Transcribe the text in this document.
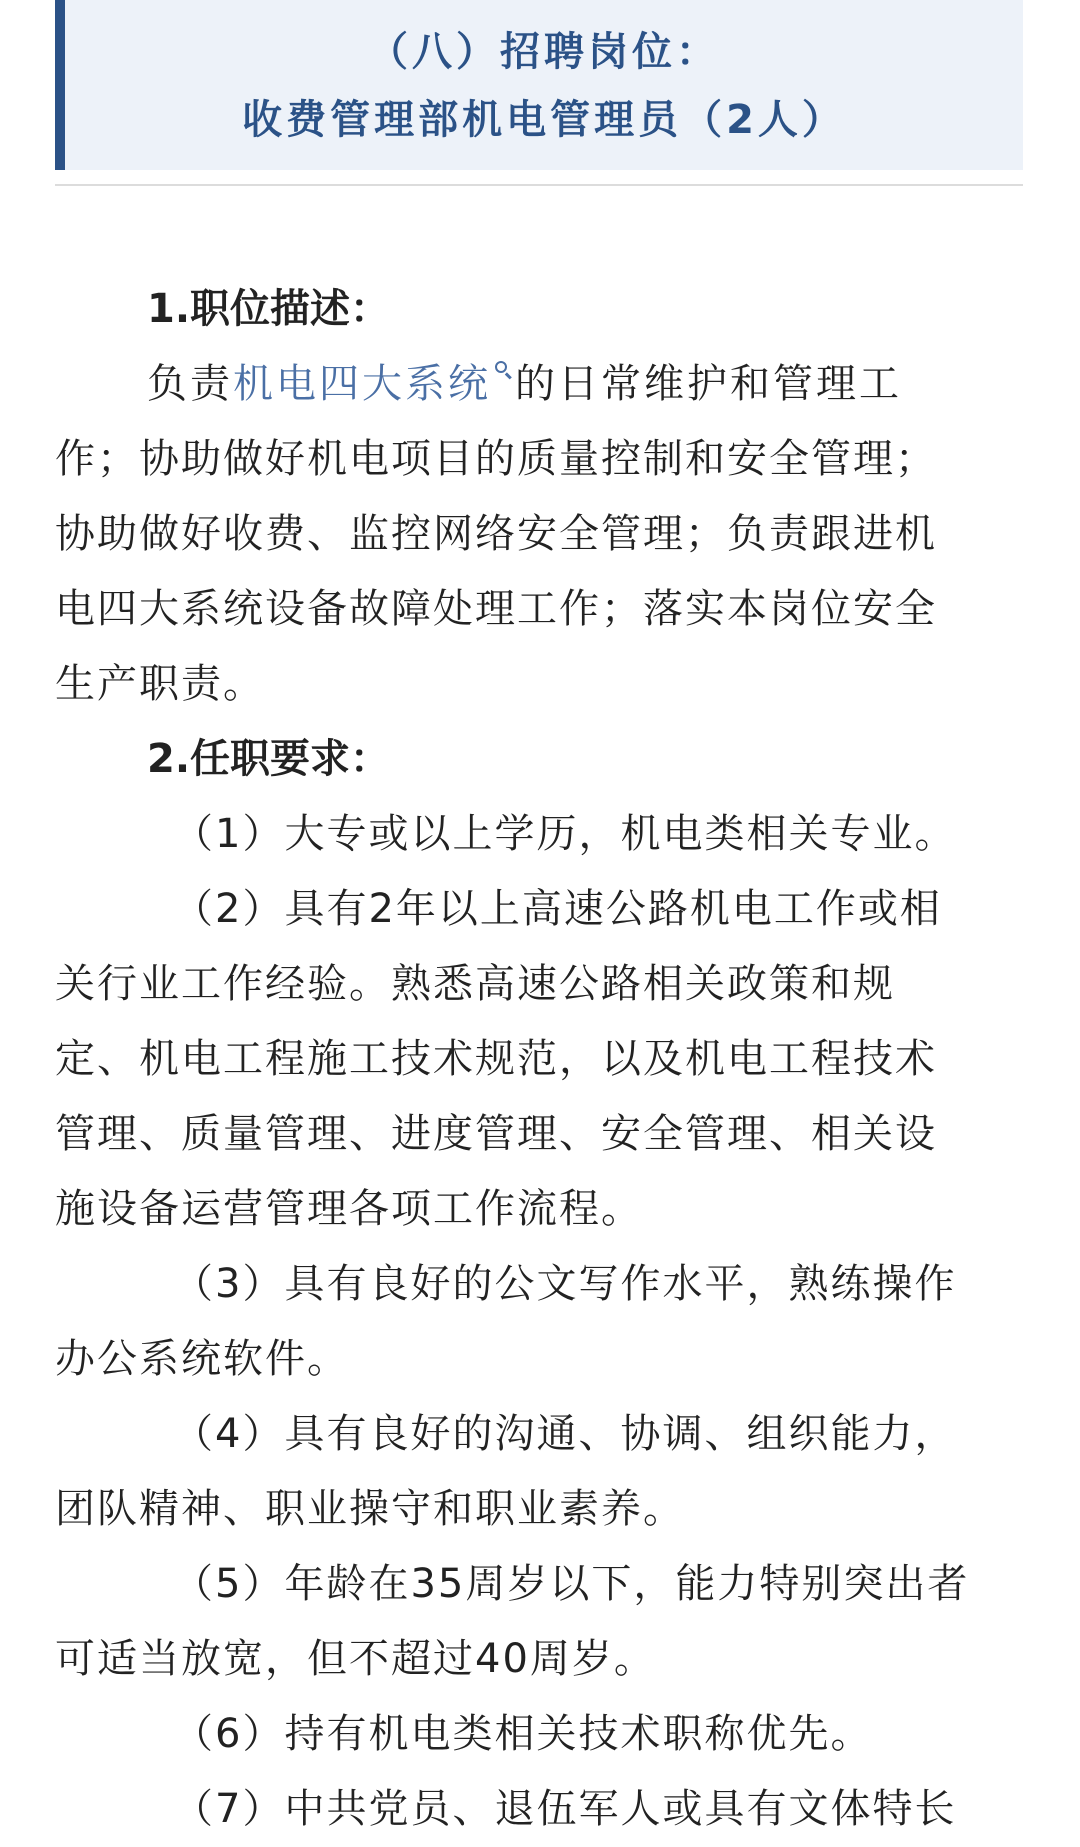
（八）招聘岗位：
收费管理部机电管理员（2人）
1.职位描述：
负责机电四大系统 的日常维护和管理工
作；协助做好机电项目的质量控制和安全管理；
协助做好收费、监控网络安全管理；负责跟进机
电四大系统设备故障处理工作；落实本岗位安全
生产职责。
2.任职要求：
（1）大专或以上学历，机电类相关专业。
（2）具有2年以上高速公路机电工作或相
关行业工作经验。熟悉高速公路相关政策和规
定、机电工程施工技术规范，以及机电工程技术
管理、质量管理、进度管理、安全管理、相关设
施设备运营管理各项工作流程。
（3）具有良好的公文写作水平，熟练操作
办公系统软件。
（4）具有良好的沟通、协调、组织能力，
团队精神、职业操守和职业素养。
（5）年龄在35周岁以下，能力特别突出者
可适当放宽，但不超过40周岁。
（6）持有机电类相关技术职称优先。
（7）中共党员、退伍军人或具有文体特长
